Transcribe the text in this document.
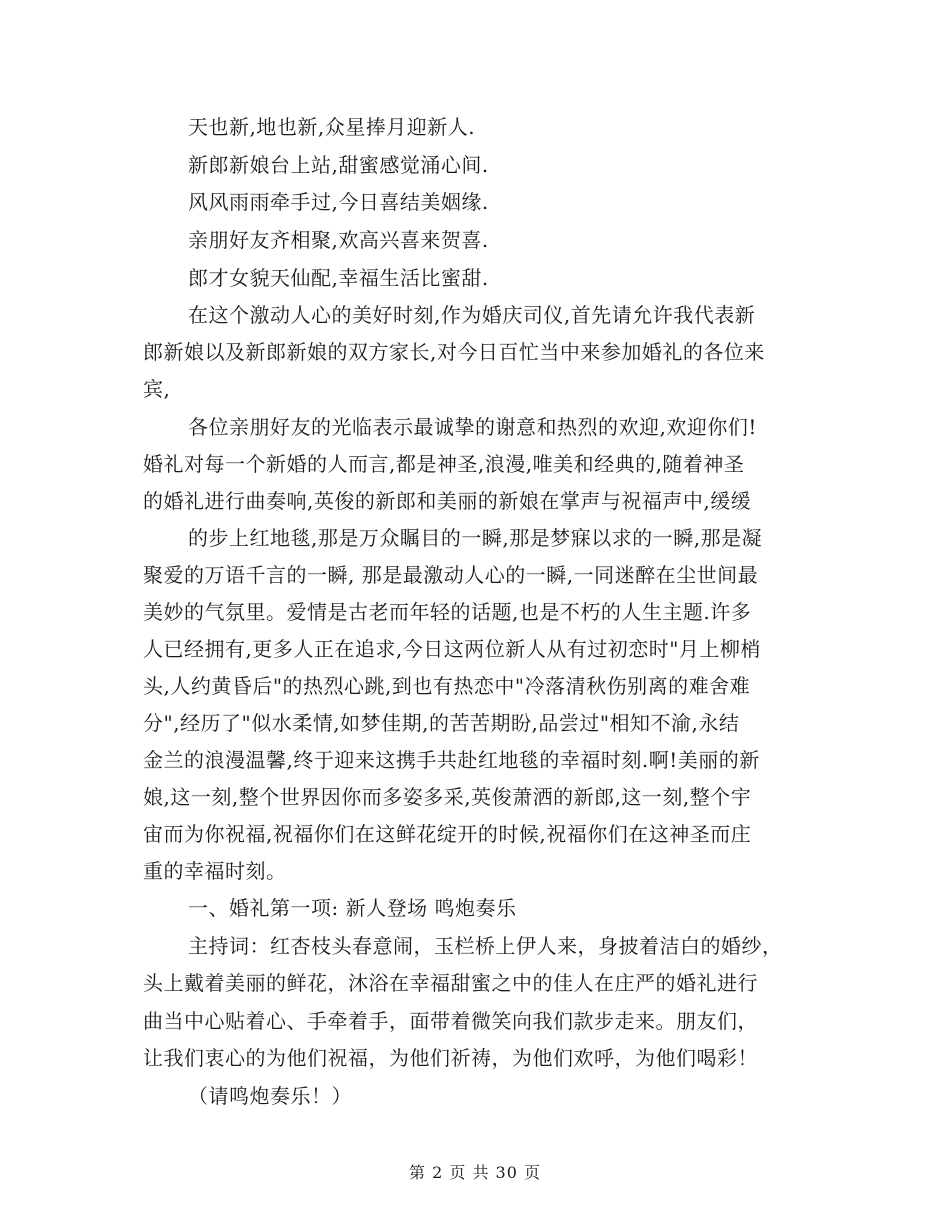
天也新,地也新,众星捧月迎新人.
新郎新娘台上站,甜蜜感觉涌心间.
风风雨雨牵手过,今日喜结美姻缘.
亲朋好友齐相聚,欢高兴喜来贺喜.
郎才女貌天仙配,幸福生活比蜜甜.
在这个激动人心的美好时刻,作为婚庆司仪,首先请允许我代表新
郎新娘以及新郎新娘的双方家长,对今日百忙当中来参加婚礼的各位来
宾,
各位亲朋好友的光临表示最诚挚的谢意和热烈的欢迎,欢迎你们!
婚礼对每一个新婚的人而言,都是神圣,浪漫,唯美和经典的,随着神圣
的婚礼进行曲奏响,英俊的新郎和美丽的新娘在掌声与祝福声中,缓缓
的步上红地毯,那是万众瞩目的一瞬,那是梦寐以求的一瞬,那是凝
聚爱的万语千言的一瞬, 那是最激动人心的一瞬,一同迷醉在尘世间最
美妙的气氛里。爱情是古老而年轻的话题,也是不朽的人生主题.许多
人已经拥有,更多人正在追求,今日这两位新人从有过初恋时"月上柳梢
头,人约黄昏后"的热烈心跳,到也有热恋中"冷落清秋伤别离的难舍难
分",经历了"似水柔情,如梦佳期,的苦苦期盼,品尝过"相知不渝,永结
金兰的浪漫温馨,终于迎来这携手共赴红地毯的幸福时刻.啊!美丽的新
娘,这一刻,整个世界因你而多姿多采,英俊萧洒的新郎,这一刻,整个宇
宙而为你祝福,祝福你们在这鲜花绽开的时候,祝福你们在这神圣而庄
重的幸福时刻。
一、婚礼第一项: 新人登场 鸣炮奏乐
主持词：红杏枝头春意闹，玉栏桥上伊人来，身披着洁白的婚纱，
头上戴着美丽的鲜花，沐浴在幸福甜蜜之中的佳人在庄严的婚礼进行
曲当中心贴着心、手牵着手，面带着微笑向我们款步走来。朋友们，
让我们衷心的为他们祝福，为他们祈祷，为他们欢呼，为他们喝彩！
（请鸣炮奏乐！）
第 2 页 共 30 页
